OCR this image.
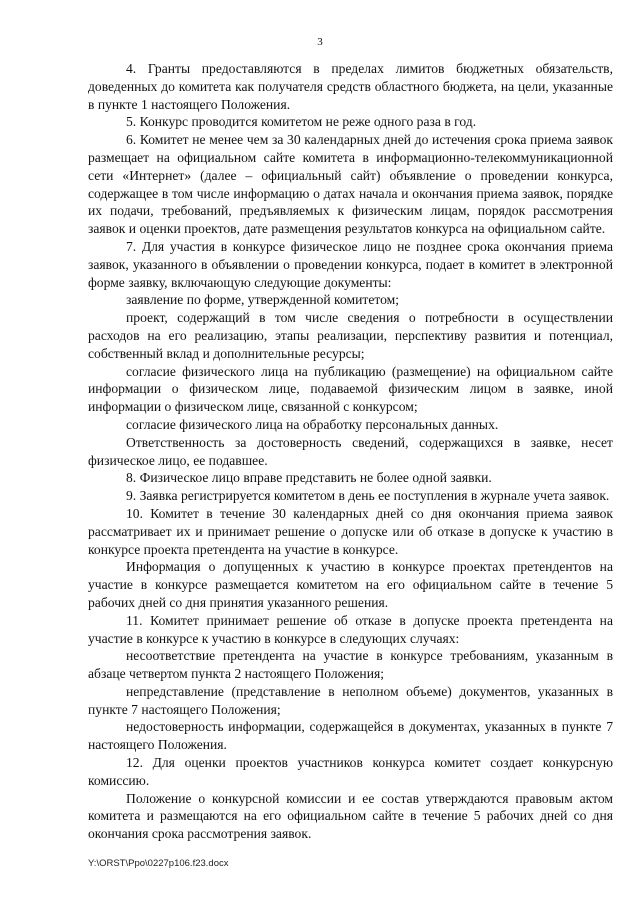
3

4. Гранты предоставляются в пределах лимитов бюджетных обязательств, доведенных до комитета как получателя средств областного бюджета, на цели, указанные в пункте 1 настоящего Положения.

5. Конкурс проводится комитетом не реже одного раза в год.

6. Комитет не менее чем за 30 календарных дней до истечения срока приема заявок размещает на официальном сайте комитета в информационно-телекоммуникационной сети «Интернет» (далее – официальный сайт) объявление о проведении конкурса, содержащее в том числе информацию о датах начала и окончания приема заявок, порядке их подачи, требований, предъявляемых к физическим лицам, порядок рассмотрения заявок и оценки проектов, дате размещения результатов конкурса на официальном сайте.

7. Для участия в конкурсе физическое лицо не позднее срока окончания приема заявок, указанного в объявлении о проведении конкурса, подает в комитет в электронной форме заявку, включающую следующие документы:

заявление по форме, утвержденной комитетом;

проект, содержащий в том числе сведения о потребности в осуществлении расходов на его реализацию, этапы реализации, перспективу развития и потенциал, собственный вклад и дополнительные ресурсы;

согласие физического лица на публикацию (размещение) на официальном сайте информации о физическом лице, подаваемой физическим лицом в заявке, иной информации о физическом лице, связанной с конкурсом;

согласие физического лица на обработку персональных данных.

Ответственность за достоверность сведений, содержащихся в заявке, несет физическое лицо, ее подавшее.

8. Физическое лицо вправе представить не более одной заявки.

9. Заявка регистрируется комитетом в день ее поступления в журнале учета заявок.

10. Комитет в течение 30 календарных дней со дня окончания приема заявок рассматривает их и принимает решение о допуске или об отказе в допуске к участию в конкурсе проекта претендента на участие в конкурсе.

Информация о допущенных к участию в конкурсе проектах претендентов на участие в конкурсе размещается комитетом на его официальном сайте в течение 5 рабочих дней со дня принятия указанного решения.

11. Комитет принимает решение об отказе в допуске проекта претендента на участие в конкурсе к участию в конкурсе в следующих случаях:

несоответствие претендента на участие в конкурсе требованиям, указанным в абзаце четвертом пункта 2 настоящего Положения;

непредставление (представление в неполном объеме) документов, указанных в пункте 7 настоящего Положения;

недостоверность информации, содержащейся в документах, указанных в пункте 7 настоящего Положения.

12. Для оценки проектов участников конкурса комитет создает конкурсную комиссию.

Положение о конкурсной комиссии и ее состав утверждаются правовым актом комитета и размещаются на его официальном сайте в течение 5 рабочих дней со дня окончания срока рассмотрения заявок.

Y:\ORST\Ppo\0227p106.f23.docx
